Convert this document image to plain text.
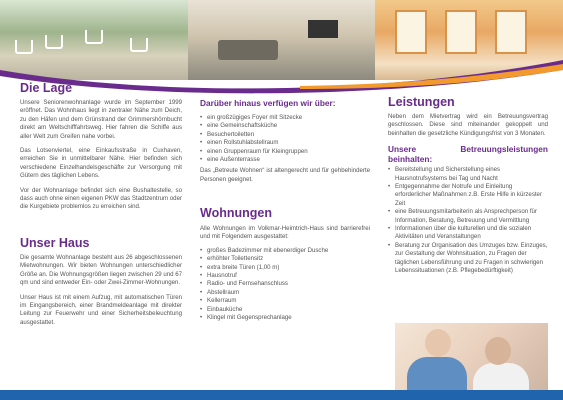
Die Lage

Unsere Seniorenwohnanlage wurde im September 1999 eröffnet. Das Wohnhaus liegt in zentraler Nähe zum Deich, zu den Häfen und dem Grünstrand der Grimmershörnbucht direkt am Weltschifffahrtsweg. Hier fahren die Schiffe aus aller Welt zum Greifen nahe vorbei.

Das Lotsenviertel, eine Einkaufsstraße in Cuxhaven, erreichen Sie in unmittelbarer Nähe. Hier befinden sich verschiedene Einzelhandelsgeschäfte zur Versorgung mit Gütern des täglichen Lebens.

Vor der Wohnanlage befindet sich eine Bushaltestelle, so dass auch ohne einen eigenen PKW das Stadtzentrum oder die Kurgebiete problemlos zu erreichen sind.

Unser Haus

Die gesamte Wohnanlage besteht aus 26 abgeschlossenen Mietwohnungen. Wir bieten Wohnungen unterschiedlicher Größe an. Die Wohnungsgrößen liegen zwischen 29 und 67 qm und sind entweder Ein- oder Zwei-Zimmer-Wohnungen.

Unser Haus ist mit einem Aufzug, mit automatischen Türen im Eingangsbereich, einer Brandmeldeanlage mit direkter Leitung zur Feuerwehr und einer Sicherheitsbeleuchtung ausgestattet.

Darüber hinaus verfügen wir über:
• ein großzügiges Foyer mit Sitzecke
• eine Gemeinschaftsküche
• Besuchertoiletten
• einen Rollstuhlabstellraum
• einen Gruppenraum für Kleingruppen
• eine Außenterrasse

Das „Betreute Wohnen“ ist altengerecht und für gehbehinderte Personen geeignet.

Wohnungen

Alle Wohnungen im Volkmar-Heimtrich-Haus sind barrierefrei und mit Folgendem ausgestattet:

• großes Badezimmer mit ebenerdiger Dusche
• erhöhter Toilettensitz
• extra breite Türen (1,00 m)
• Hausnotruf
• Radio- und Fernsehanschluss
• Abstellraum
• Kellerraum
• Einbauküche
• Klingel mit Gegensprechanlage
Leistungen

Neben dem Mietvertrag wird ein Betreuungsvertrag geschlossen. Diese sind miteinander gekoppelt und beinhalten die gesetzliche Kündigungsfrist von 3 Monaten.

Unsere Betreuungsleistungen beinhalten:
• Bereitstellung und Sicherstellung eines Hausnotrufsystems bei Tag und Nacht
• Entgegennahme der Notrufe und Einleitung erforderlicher Maßnahmen z.B. Erste Hilfe in kürzester Zeit
• eine Betreuungsmitarbeiterin als Ansprechperson für Information, Beratung, Betreuung und Vermittlung
• Informationen über die kulturellen und die sozialen Aktivitäten und Veranstaltungen
• Beratung zur Organisation des Umzuges bzw. Einzuges, zur Gestaltung der Wohnsituation, zu Fragen der täglichen Lebensführung und zu Fragen in schwierigen Lebenssituationen (z.B. Pflegebedürftigkeit)
